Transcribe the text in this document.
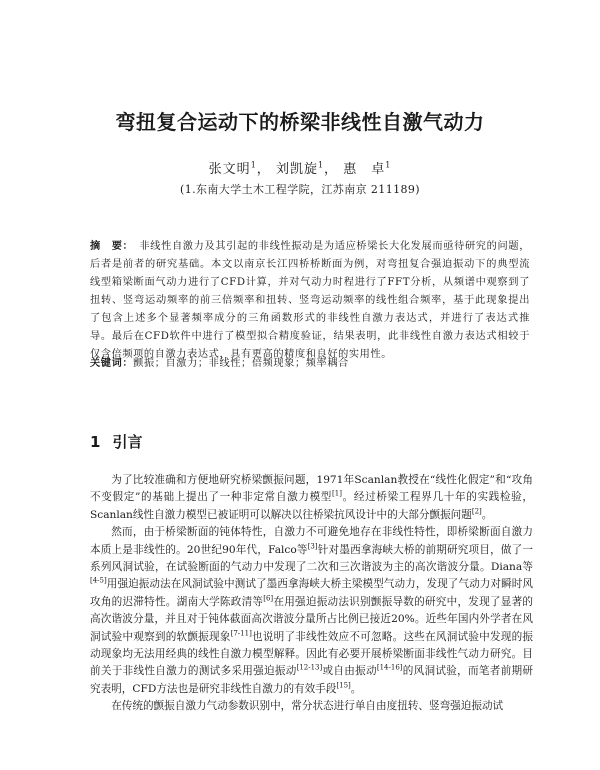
弯扭复合运动下的桥梁非线性自激气动力
张文明$^1$， 刘凯旋$^1$， 惠　卓$^1$
(1.东南大学土木工程学院，江苏南京 211189)
摘　要： 非线性自激力及其引起的非线性振动是为适应桥梁长大化发展而亟待研究的问题，后者是前者的研究基础。本文以南京长江四桥桥断面为例，对弯扭复合强迫振动下的典型流线型箱梁断面气动力进行了CFD计算，并对气动力时程进行了FFT分析，从频谱中观察到了扭转、竖弯运动频率的前三倍频率和扭转、竖弯运动频率的线性组合频率，基于此现象提出了包含上述多个显著频率成分的三角函数形式的非线性自激力表达式，并进行了表达式推导。最后在CFD软件中进行了模型拟合精度验证，结果表明，此非线性自激力表达式相较于仅含倍频项的自激力表达式，具有更高的精度和良好的实用性。
关键词：颤振；自激力；非线性；倍频现象；频率耦合
1 引言

为了比较准确和方便地研究桥梁颤振问题，1971年Scanlan教授在“线性化假定”和“攻角不变假定”的基础上提出了一种非定常自激力模型[1]。经过桥梁工程界几十年的实践检验，Scanlan线性自激力模型已被证明可以解决以往桥梁抗风设计中的大部分颤振问题[2]。

然而，由于桥梁断面的钝体特性，自激力不可避免地存在非线性特性，即桥梁断面自激力本质上是非线性的。20世纪90年代，Falco等[3]针对墨西拿海峡大桥的前期研究项目，做了一系列风洞试验，在试验断面的气动力中发现了二次和三次谐波为主的高次谐波分量。Diana等[4-5]用强迫振动法在风洞试验中测试了墨西拿海峡大桥主梁模型气动力，发现了气动力对瞬时风攻角的迟滞特性。湖南大学陈政清等[6]在用强迫振动法识别颤振导数的研究中，发现了显著的高次谐波分量，并且对于钝体截面高次谐波分量所占比例已接近20%。近些年国内外学者在风洞试验中观察到的软颤振现象[7-11]也说明了非线性效应不可忽略。这些在风洞试验中发现的振动现象均无法用经典的线性自激力模型解释。因此有必要开展桥梁断面非线性气动力研究。目前关于非线性自激力的测试多采用强迫振动[12-13]或自由振动[14-16]的风洞试验，而笔者前期研究表明，CFD方法也是研究非线性自激力的有效手段[15]。

在传统的颤振自激力气动参数识别中，常分状态进行单自由度扭转、竖弯强迫振动试
